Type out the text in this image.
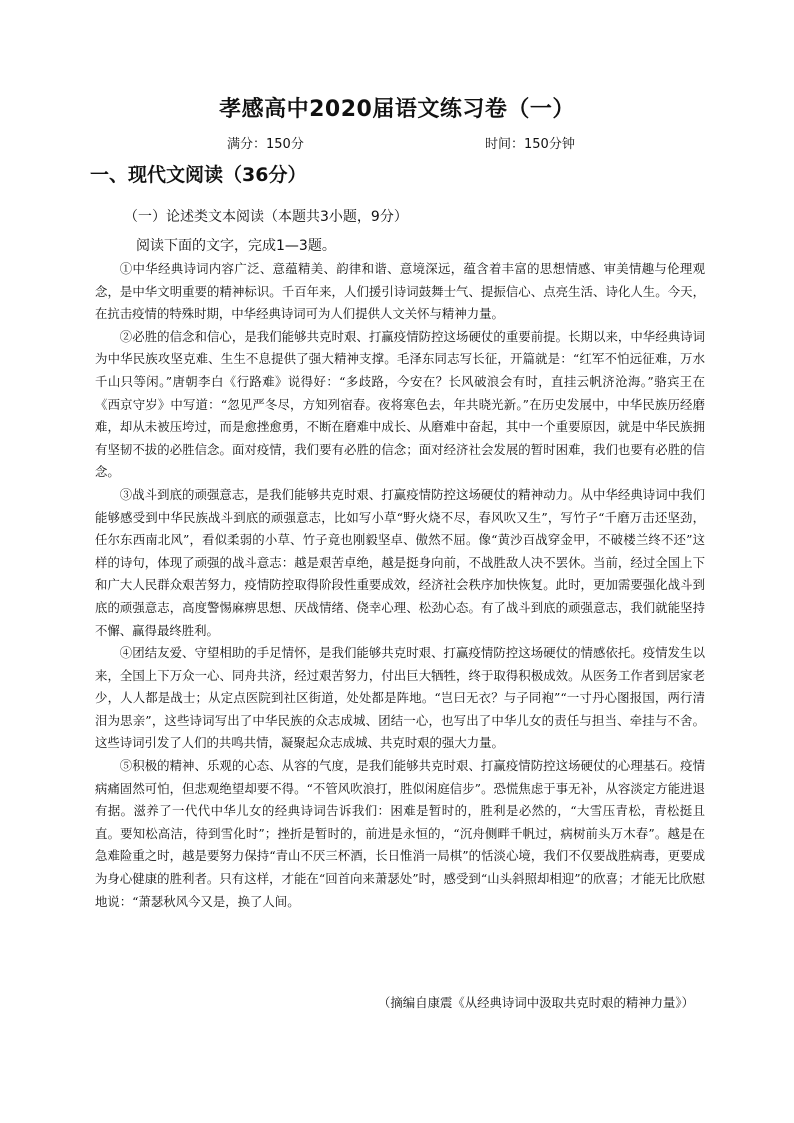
孝感高中2020届语文练习卷（一）
满分：150分	时间：150分钟
一、现代文阅读（36分）
（一）论述类文本阅读（本题共3小题，9分）
阅读下面的文字，完成1—3题。

①中华经典诗词内容广泛、意蕴精美、韵律和谐、意境深远，蕴含着丰富的思想情感、审美情趣与伦理观念，是中华文明重要的精神标识。千百年来，人们援引诗词鼓舞士气、提振信心、点亮生活、诗化人生。今天，在抗击疫情的特殊时期，中华经典诗词可为人们提供人文关怀与精神力量。

②必胜的信念和信心，是我们能够共克时艰、打赢疫情防控这场硬仗的重要前提。长期以来，中华经典诗词为中华民族攻坚克难、生生不息提供了强大精神支撑。毛泽东同志写长征，开篇就是：“红军不怕远征难，万水千山只等闲。”唐朝李白《行路难》说得好：“多歧路，今安在？长风破浪会有时，直挂云帆济沧海。”骆宾王在《西京守岁》中写道：“忽见严冬尽，方知列宿春。夜将寒色去，年共晓光新。”在历史发展中，中华民族历经磨难，却从未被压垮过，而是愈挫愈勇，不断在磨难中成长、从磨难中奋起，其中一个重要原因，就是中华民族拥有坚韧不拔的必胜信念。面对疫情，我们要有必胜的信念；面对经济社会发展的暂时困难，我们也要有必胜的信念。

③战斗到底的顽强意志，是我们能够共克时艰、打赢疫情防控这场硬仗的精神动力。从中华经典诗词中我们能够感受到中华民族战斗到底的顽强意志，比如写小草“野火烧不尽，春风吹又生”，写竹子“千磨万击还坚劲，任尔东西南北风”，看似柔弱的小草、竹子竟也刚毅坚卓、傲然不屈。像“黄沙百战穿金甲，不破楼兰终不还”这样的诗句，体现了顽强的战斗意志：越是艰苦卓绝，越是挺身向前，不战胜敌人决不罢休。当前，经过全国上下和广大人民群众艰苦努力，疫情防控取得阶段性重要成效，经济社会秩序加快恢复。此时，更加需要强化战斗到底的顽强意志，高度警惕麻痹思想、厌战情绪、侥幸心理、松劲心态。有了战斗到底的顽强意志，我们就能坚持不懈、赢得最终胜利。

④团结友爱、守望相助的手足情怀，是我们能够共克时艰、打赢疫情防控这场硬仗的情感依托。疫情发生以来，全国上下万众一心、同舟共济，经过艰苦努力，付出巨大牺牲，终于取得积极成效。从医务工作者到居家老少，人人都是战士；从定点医院到社区街道，处处都是阵地。“岂曰无衣？与子同袍”“一寸丹心图报国，两行清泪为思亲”，这些诗词写出了中华民族的众志成城、团结一心，也写出了中华儿女的责任与担当、牵挂与不舍。这些诗词引发了人们的共鸣共情，凝聚起众志成城、共克时艰的强大力量。

⑤积极的精神、乐观的心态、从容的气度，是我们能够共克时艰、打赢疫情防控这场硬仗的心理基石。疫情病痛固然可怕，但悲观绝望却要不得。“不管风吹浪打，胜似闲庭信步”。恐慌焦虑于事无补，从容淡定方能进退有据。滋养了一代代中华儿女的经典诗词告诉我们：困难是暂时的，胜利是必然的，“大雪压青松，青松挺且直。要知松高洁，待到雪化时”；挫折是暂时的，前进是永恒的，“沉舟侧畔千帆过，病树前头万木春”。越是在急难险重之时，越是要努力保持“青山不厌三杯酒，长日惟消一局棋”的恬淡心境，我们不仅要战胜病毒，更要成为身心健康的胜利者。只有这样，才能在“回首向来萧瑟处”时，感受到“山头斜照却相迎”的欣喜；才能无比欣慰地说：“萧瑟秋风今又是，换了人间。

（摘编自康震《从经典诗词中汲取共克时艰的精神力量》）
